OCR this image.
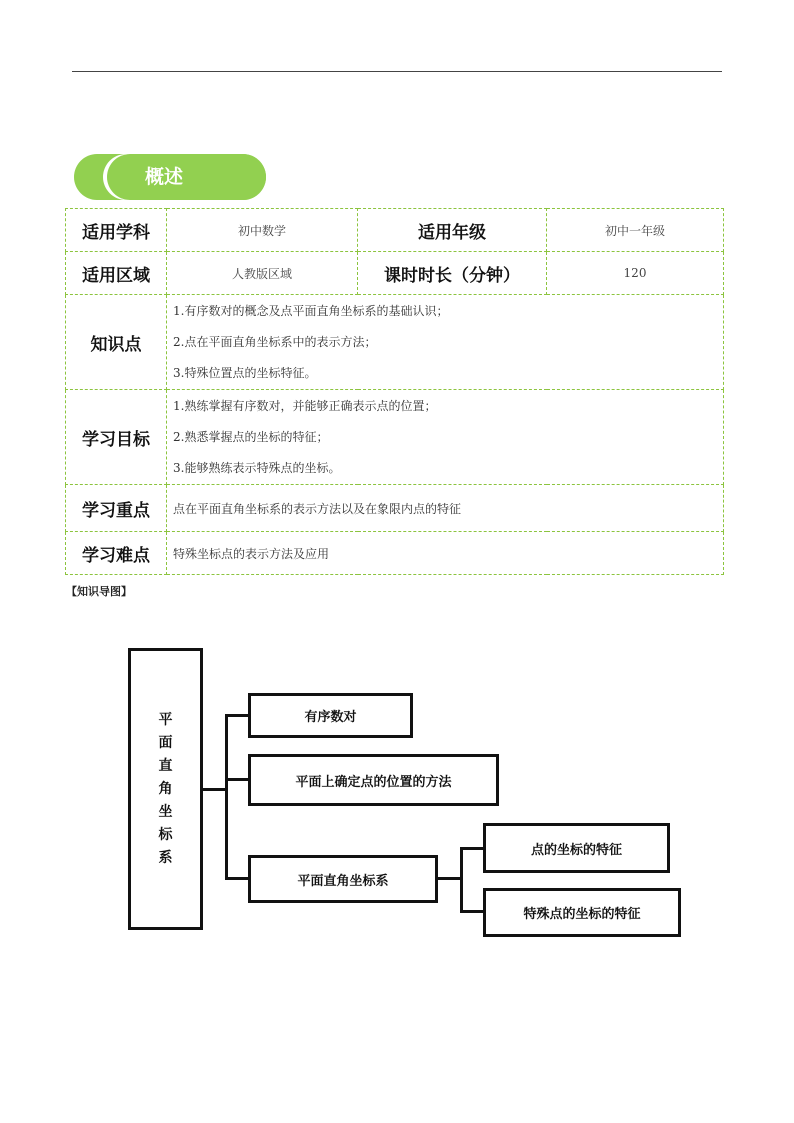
概述
适用学科	初中数学	适用年级	初中一年级
适用区域	人教版区域	课时时长（分钟）	120
知识点	1.有序数对的概念及点平面直角坐标系的基础认识；
2.点在平面直角坐标系中的表示方法；
3.特殊位置点的坐标特征。		

学习目标	1.熟练掌握有序数对，并能够正确表示点的位置；
2.熟悉掌握点的坐标的特征；
3.能够熟练表示特殊点的坐标。		

学习重点	点在平面直角坐标系的表示方法以及在象限内点的特征		
学习难点	特殊坐标点的表示方法及应用		
【知识导图】
平
面
直
角
坐
标
系
有序数对
平面上确定点的位置的方法
平面直角坐标系
点的坐标的特征
特殊点的坐标的特征
